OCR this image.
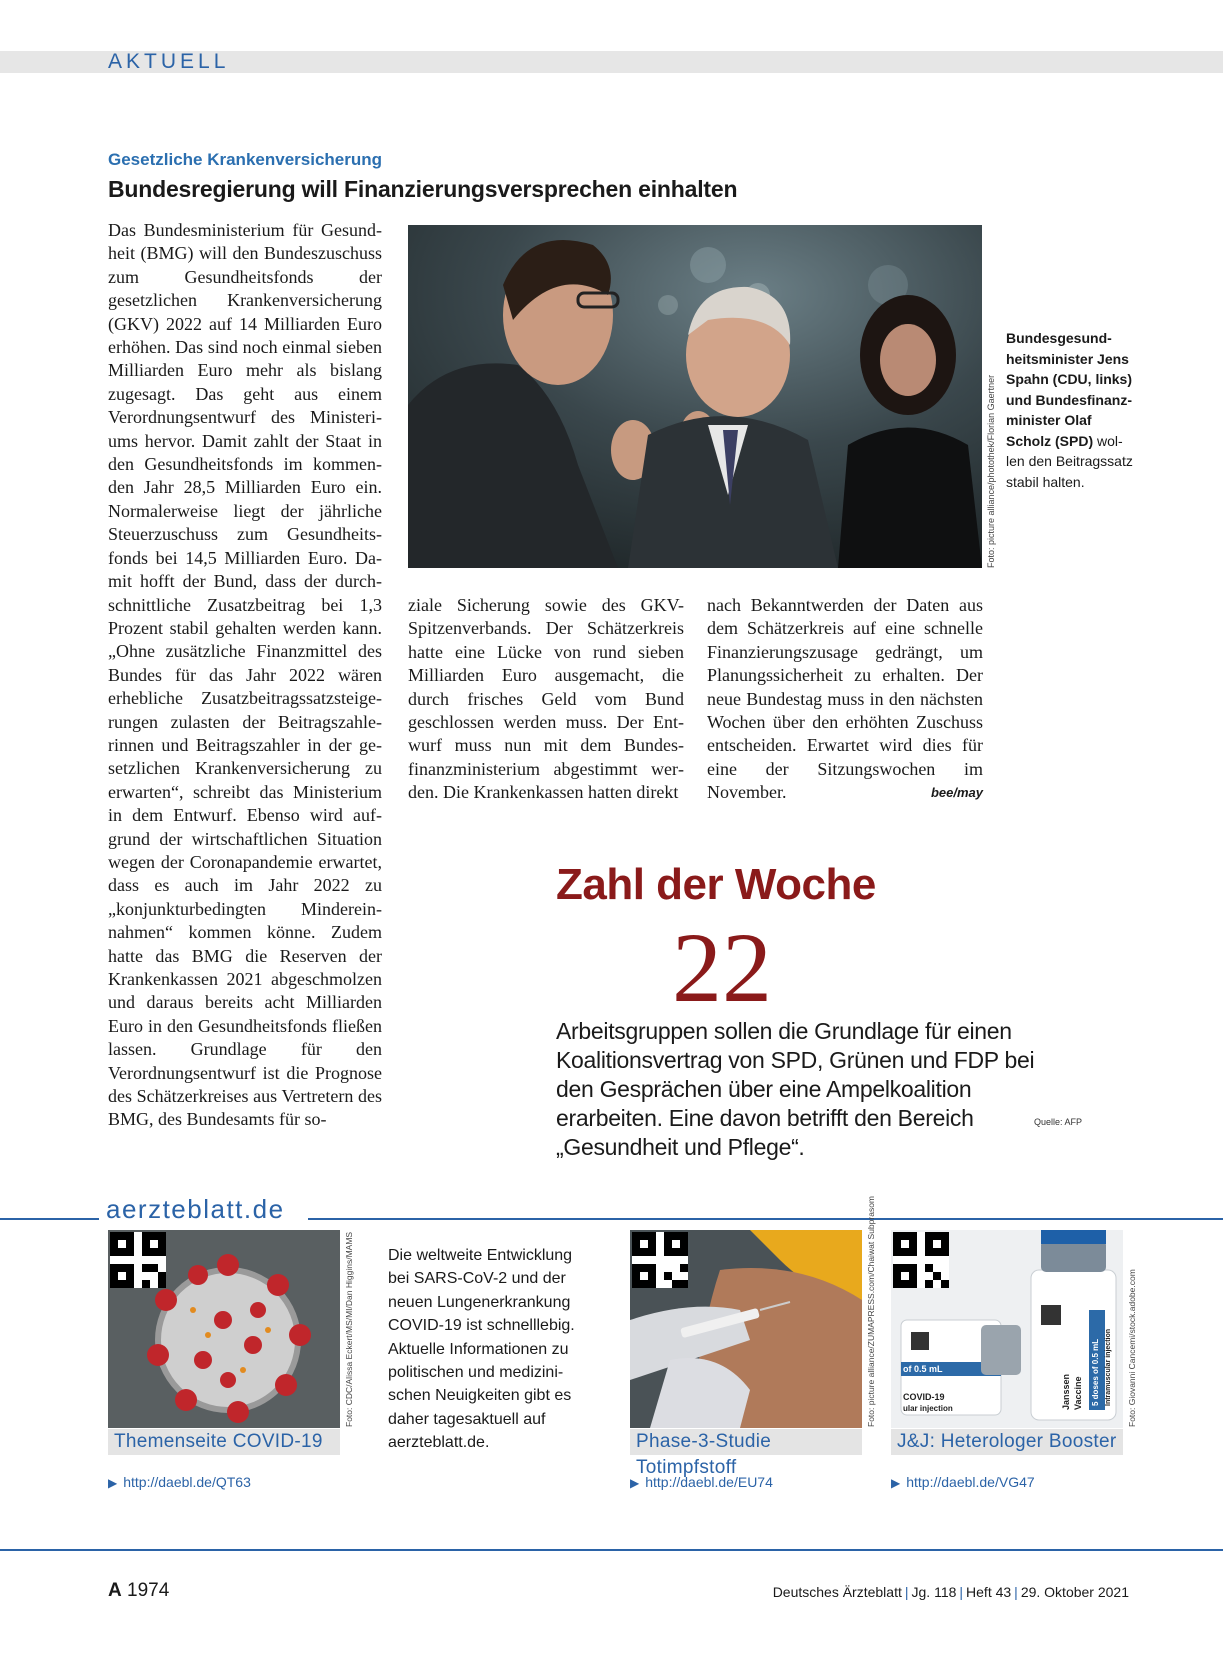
AKTUELL
Gesetzliche Krankenversicherung
Bundesregierung will Finanzierungsversprechen einhalten
Das Bundesministerium für Gesundheit (BMG) will den Bundeszuschuss zum Gesundheitsfonds der gesetzlichen Krankenversicherung (GKV) 2022 auf 14 Milliarden Euro erhöhen. Das sind noch einmal sieben Milliarden Euro mehr als bislang zugesagt. Das geht aus einem Verordnungsentwurf des Ministeriums hervor. Damit zahlt der Staat in den Gesundheitsfonds im kommenden Jahr 28,5 Milliarden Euro ein. Normalerweise liegt der jährliche Steuerzuschuss zum Gesundheitsfonds bei 14,5 Milliarden Euro. Damit hofft der Bund, dass der durchschnittliche Zusatzbeitrag bei 1,3 Prozent stabil gehalten werden kann. „Ohne zusätzliche Finanzmittel des Bundes für das Jahr 2022 wären erhebliche Zusatzbeitragssatzsteigerungen zulasten der Beitragszahlerinnen und Beitragszahler in der gesetzlichen Krankenversicherung zu erwarten“, schreibt das Ministerium in dem Entwurf. Ebenso wird aufgrund der wirtschaftlichen Situation wegen der Coronapandemie erwartet, dass es auch im Jahr 2022 zu „konjunkturbedingten Mindereinnahmen“ kommen könne. Zudem hatte das BMG die Reserven der Krankenkassen 2021 abgeschmolzen und daraus bereits acht Milliarden Euro in den Gesundheitsfonds fließen lassen. Grundlage für den Verordnungsentwurf ist die Prognose des Schätzerkreises aus Vertretern des BMG, des Bundesamts für so-
ziale Sicherung sowie des GKV-Spitzenverbands. Der Schätzerkreis hatte eine Lücke von rund sieben Milliarden Euro ausgemacht, die durch frisches Geld vom Bund geschlossen werden muss. Der Entwurf muss nun mit dem Bundesfinanzministerium abgestimmt werden. Die Krankenkassen hatten direkt
nach Bekanntwerden der Daten aus dem Schätzerkreis auf eine schnelle Finanzierungszusage gedrängt, um Planungssicherheit zu erhalten. Der neue Bundestag muss in den nächsten Wochen über den erhöhten Zuschuss entscheiden. Erwartet wird dies für eine der Sitzungswochen im November.	bee/may
Foto: picture alliance/photothek/Florian Gaertner
Bundesgesundheitsminister Jens Spahn (CDU, links) und Bundesfinanzminister Olaf Scholz (SPD) wollen den Beitragssatz stabil halten.
Zahl der Woche
22
Arbeitsgruppen sollen die Grundlage für einen Koalitionsvertrag von SPD, Grünen und FDP bei den Gesprächen über eine Ampelkoalition erarbeiten. Eine davon betrifft den Bereich „Gesundheit und Pflege“.
Quelle: AFP
aerzteblatt.de
Foto: CDC/Alissa Eckert/MS/MI/Dan Higgins/MAMS
Themenseite COVID-19
▶ http://daebl.de/QT63
Die weltweite Entwicklung bei SARS-CoV-2 und der neuen Lungenerkrankung COVID-19 ist schnelllebig. Aktuelle Informationen zu politischen und medizinischen Neuigkeiten gibt es daher tagesaktuell auf aerzteblatt.de.
Foto: picture alliance/ZUMAPRESS.com/Chaiwat Subprasom
Phase-3-Studie Totimpfstoff
▶ http://daebl.de/EU74
COVID-19
of 0.5 mL
ular injection	Janssen Vaccine 5 doses of 0.5 mL Intramuscular injection Foto: Giovanni Cancemi/stock.adobe.com
J&J: Heterologer Booster
▶ http://daebl.de/VG47
A 1974	Deutsches Ärzteblatt | Jg. 118 | Heft 43 | 29. Oktober 2021
